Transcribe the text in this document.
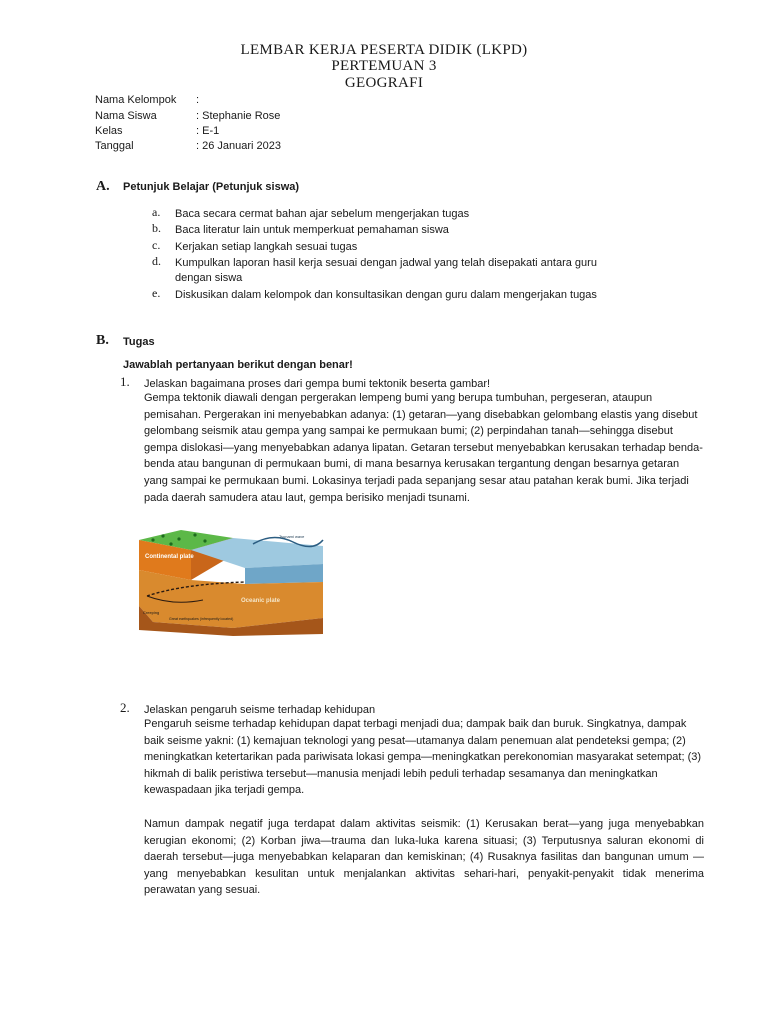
LEMBAR KERJA PESERTA DIDIK (LKPD)
PERTEMUAN 3
GEOGRAFI
Nama Kelompok :
Nama Siswa	: Stephanie Rose
Kelas	: E-1
Tanggal	: 26 Januari 2023
A. Petunjuk Belajar (Petunjuk siswa)
a. Baca secara cermat bahan ajar sebelum mengerjakan tugas
b. Baca literatur lain untuk memperkuat pemahaman siswa
c. Kerjakan setiap langkah sesuai tugas
d. Kumpulkan laporan hasil kerja sesuai dengan jadwal yang telah disepakati antara guru dengan siswa
e. Diskusikan dalam kelompok dan konsultasikan dengan guru dalam mengerjakan tugas
B. Tugas
Jawablah pertanyaan berikut dengan benar!
1. Jelaskan bagaimana proses dari gempa bumi tektonik beserta gambar!
Gempa tektonik diawali dengan pergerakan lempeng bumi yang berupa tumbuhan, pergeseran, ataupun pemisahan. Pergerakan ini menyebabkan adanya: (1) getaran—yang disebabkan gelombang elastis yang disebut gelombang seismik atau gempa yang sampai ke permukaan bumi; (2) perpindahan tanah—sehingga disebut gempa dislokasi—yang menyebabkan adanya lipatan. Getaran tersebut menyebabkan kerusakan terhadap benda-benda atau bangunan di permukaan bumi, di mana besarnya kerusakan tergantung dengan besarnya getaran yang sampai ke permukaan bumi. Lokasinya terjadi pada sepanjang sesar atau patahan kerak bumi. Jika terjadi pada daerah samudera atau laut, gempa berisiko menjadi tsunami.
Continental plate
Tsunami wave
Oceanic plate
Creeping
Great earthquakes (infrequently located)
2. Jelaskan pengaruh seisme terhadap kehidupan
Pengaruh seisme terhadap kehidupan dapat terbagi menjadi dua; dampak baik dan buruk. Singkatnya, dampak baik seisme yakni: (1) kemajuan teknologi yang pesat—utamanya dalam penemuan alat pendeteksi gempa; (2) meningkatkan ketertarikan pada pariwisata lokasi gempa—meningkatkan perekonomian masyarakat setempat; (3) hikmah di balik peristiwa tersebut—manusia menjadi lebih peduli terhadap sesamanya dan meningkatkan kewaspadaan jika terjadi gempa.
Namun dampak negatif juga terdapat dalam aktivitas seismik: (1) Kerusakan berat—yang juga menyebabkan kerugian ekonomi; (2) Korban jiwa—trauma dan luka-luka karena situasi; (3) Terputusnya saluran ekonomi di daerah tersebut—juga menyebabkan kelaparan dan kemiskinan; (4) Rusaknya fasilitas dan bangunan umum —yang menyebabkan kesulitan untuk menjalankan aktivitas sehari-hari, penyakit-penyakit tidak menerima perawatan yang sesuai.
